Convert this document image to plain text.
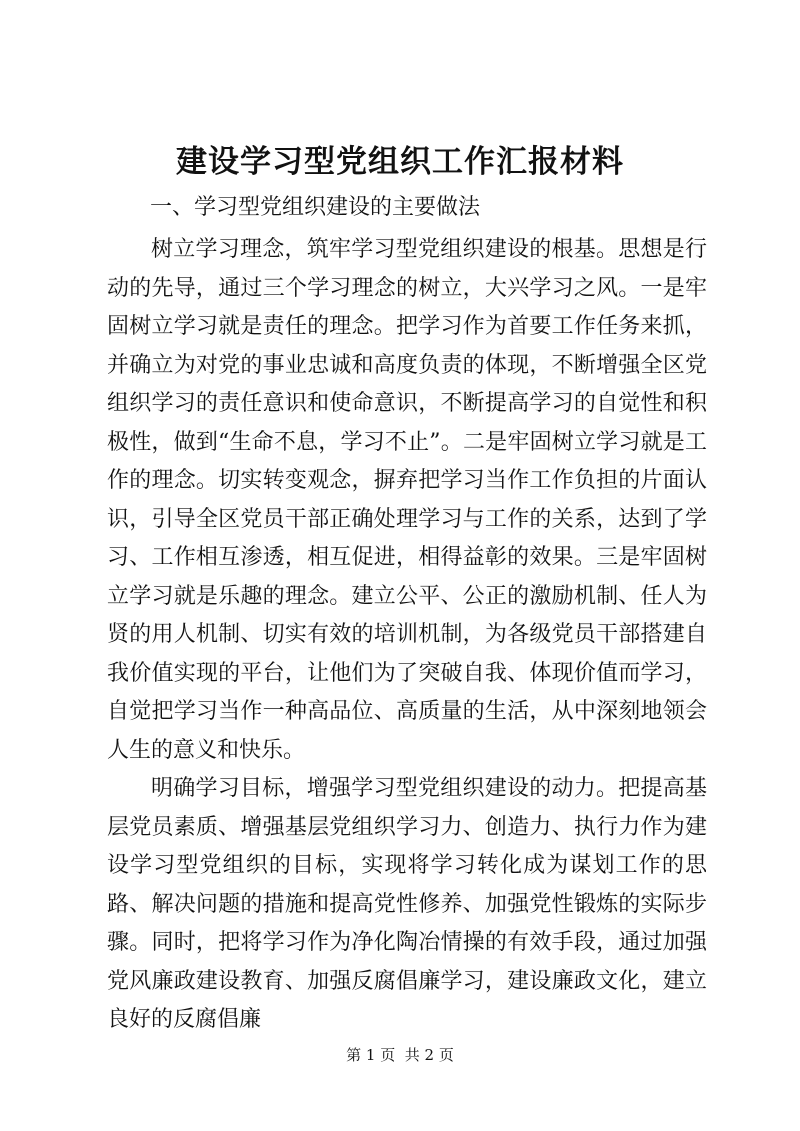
建设学习型党组织工作汇报材料
一、学习型党组织建设的主要做法

树立学习理念，筑牢学习型党组织建设的根基。思想是行动的先导，通过三个学习理念的树立，大兴学习之风。一是牢固树立学习就是责任的理念。把学习作为首要工作任务来抓，并确立为对党的事业忠诚和高度负责的体现，不断增强全区党组织学习的责任意识和使命意识，不断提高学习的自觉性和积极性，做到“生命不息，学习不止”。二是牢固树立学习就是工作的理念。切实转变观念，摒弃把学习当作工作负担的片面认识，引导全区党员干部正确处理学习与工作的关系，达到了学习、工作相互渗透，相互促进，相得益彰的效果。三是牢固树立学习就是乐趣的理念。建立公平、公正的激励机制、任人为贤的用人机制、切实有效的培训机制，为各级党员干部搭建自我价值实现的平台，让他们为了突破自我、体现价值而学习，自觉把学习当作一种高品位、高质量的生活，从中深刻地领会人生的意义和快乐。

明确学习目标，增强学习型党组织建设的动力。把提高基层党员素质、增强基层党组织学习力、创造力、执行力作为建设学习型党组织的目标，实现将学习转化成为谋划工作的思路、解决问题的措施和提高党性修养、加强党性锻炼的实际步骤。同时，把将学习作为净化陶冶情操的有效手段，通过加强党风廉政建设教育、加强反腐倡廉学习，建设廉政文化，建立良好的反腐倡廉

第 1 页  共 2 页
